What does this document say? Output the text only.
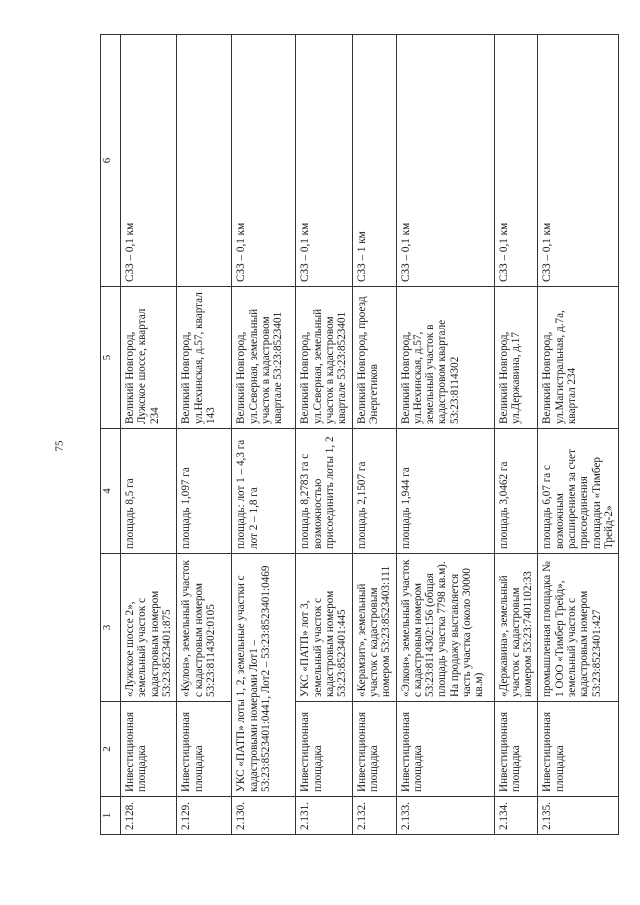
75
1	2	3	4	5	6
2.128.	Инвестиционная площадка	«Лужское шоссе 2», земельный участок с кадастровым номером 53:23:8523401:875	площадь 8,5 га	Великий Новгород, Лужское шоссе, квартал 234	СЗЗ – 0,1 км
2.129.	Инвестиционная площадка	«Кулон», земельный участок с кадастровым номером 53:23:8114302:0105	площадь 1,097 га	Великий Новгород, ул.Нехинская, д.57, квартал 143	
2.130.	УКС «ПАТП» лоты 1, 2, земельные участки с кадастровыми номерами Лот1 – 53:23:8523401:0441, Лот2 – 53:23:8523401:0469		площадь: лот 1 – 4,3 га лот 2 – 1,8 га	Великий Новгород, ул.Северная, земельный участок в кадастровом квартале 53:23:8523401	СЗЗ – 0,1 км
2.131.	Инвестиционная площадка	УКС «ПАТП» лот 3, земельный участок с кадастровым номером 53:23:8523401:445	площадь 8,2783 га с возможностью присоединить лоты 1, 2	Великий Новгород, ул.Северная, земельный участок в кадастровом квартале 53:23:8523401	СЗЗ – 0,1 км
2.132.	Инвестиционная площадка	«Керамзит», земельный участок с кадастровым номером 53:23:8523403:111	площадь 2,1507 га	Великий Новгород, проезд Энергетиков	СЗЗ – 1 км
2.133.	Инвестиционная площадка	«Элкон», земельный участок с кадастровым номером 53:23:8114302:156 (общая площадь участка 7798 кв.м). На продажу выставляется часть участка (около 30000 кв.м)	площадь 1,944 га	Великий Новгород, ул.Нехинская, д.57, земельный участок в кадастровом квартале 53:23:8114302	СЗЗ – 0,1 км
2.134.	Инвестиционная площадка	«Державина», земельный участок с кадастровым номером 53:23:7401102:33	площадь 3,0462 га	Великий Новгород, ул.Державина, д.17	СЗЗ – 0,1 км
2.135.	Инвестиционная площадка	промышленная площадка № 1 ООО «Тимбер Трейд», земельный участок с кадастровым номером 53:23:8523401:427	площадь 6,07 га с возможным расширением за счет присоединения площадки «Тимбер Трейд-2»	Великий Новгород, ул.Магистральная, д.7а, квартал 234	СЗЗ – 0,1 км
